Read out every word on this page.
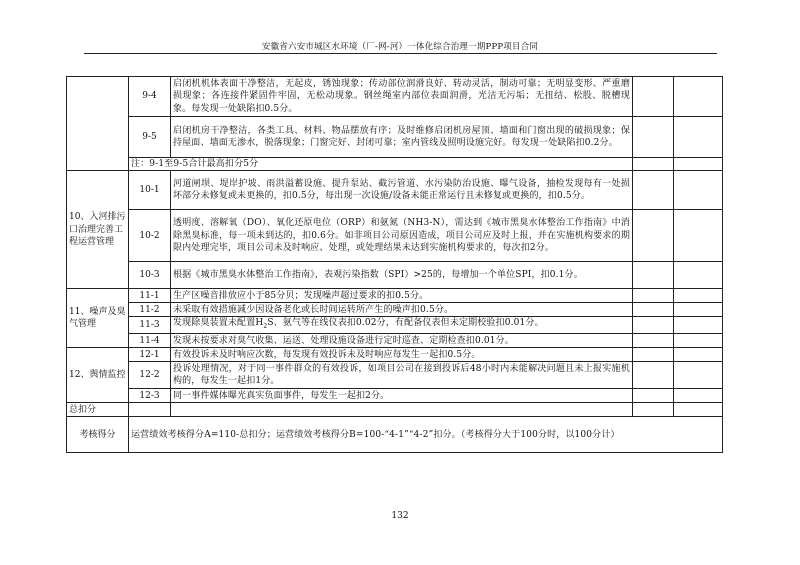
安徽省六安市城区水环境（厂-网-河）一体化综合治理一期PPP项目合同
	9-4	启闭机机体表面干净整洁，无起皮，锈蚀现象；传动部位润滑良好、转动灵活，制动可靠；无明显变形、严重磨损现象；各连接件紧固件牢固，无松动现象。钢丝绳室内部位表面润滑，光洁无污垢；无扭结、松股、脱槽现象。每发现一处缺陷扣0.5分。		
	9-5	启闭机房干净整洁，各类工具、材料、物品摆放有序；及时维修启闭机房屋顶、墙面和门窗出现的破损现象；保持屋面、墙面无渗水，脱落现象；门窗完好、封闭可靠；室内管线及照明设施完好。每发现一处缺陷扣0.2分。		
	注：9-1至9-5合计最高扣分5分			
10、入河排污口治理完善工程运营管理	10-1	河道闸坝、堤岸护坡、雨洪溢蓄设施、提升泵站、截污管道、水污染防治设施、曝气设备，抽检发现每有一处损坏部分未修复或未更换的，扣0.5分，每出现一次设施/设备未能正常运行且未修复或更换的，扣0.5分。		
	10-2	透明度、溶解氧（DO）、氧化还原电位（ORP）和氨氮（NH3-N），需达到《城市黑臭水体整治工作指南》中消除黑臭标准，每一项未到达的，扣0.6分。如非项目公司原因造成，项目公司应及时上报，并在实施机构要求的期限内处理完毕，项目公司未及时响应、处理，或处理结果未达到实施机构要求的，每次扣2分。		
	10-3	根据《城市黑臭水体整治工作指南》，表观污染指数（SPI）>25的，每增加一个单位SPI，扣0.1分。		
11、噪声及臭气管理	11-1	生产区噪音排放应小于85分贝；发现噪声超过要求的扣0.5分。		
	11-2	未采取有效措施减少因设备老化或长时间运转所产生的噪声扣0.5分。		
	11-3	发现除臭装置未配置$H_2S$、氨气等在线仪表扣0.02分，有配备仪表但未定期校验扣0.01分。		
	11-4	发现未按要求对臭气收集、运送、处理设施设备进行定时巡查、定期检查扣0.01分。		
12、舆情监控	12-1	有效投诉未及时响应次数，每发现有效投诉未及时响应每发生一起扣0.5分。		
	12-2	投诉处理情况，对于同一事件群众的有效投诉，如项目公司在接到投诉后48小时内未能解决问题且未上报实施机构的，每发生一起扣1分。		
	12-3	同一事件媒体曝光真实负面事件，每发生一起扣2分。		
总扣分				
考核得分	运营绩效考核得分A=110-总扣分；运营绩效考核得分B=100-“4-1”“4-2”扣分。（考核得分大于100分时，以100分计）			
132
